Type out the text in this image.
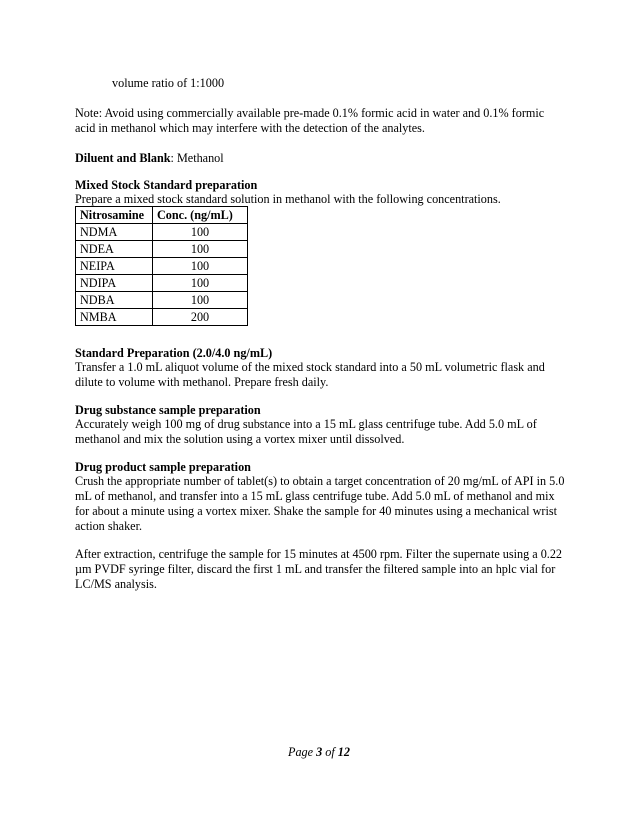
volume ratio of 1:1000

Note: Avoid using commercially available pre-made 0.1% formic acid in water and 0.1% formic acid in methanol which may interfere with the detection of the analytes.

Diluent and Blank: Methanol

Mixed Stock Standard preparation

Prepare a mixed stock standard solution in methanol with the following concentrations.

Nitrosamine	Conc. (ng/mL)
NDMA	100
NDEA	100
NEIPA	100
NDIPA	100
NDBA	100
NMBA	200

Standard Preparation (2.0/4.0 ng/mL)

Transfer a 1.0 mL aliquot volume of the mixed stock standard into a 50 mL volumetric flask and dilute to volume with methanol. Prepare fresh daily.

Drug substance sample preparation

Accurately weigh 100 mg of drug substance into a 15 mL glass centrifuge tube. Add 5.0 mL of methanol and mix the solution using a vortex mixer until dissolved.

Drug product sample preparation

Crush the appropriate number of tablet(s) to obtain a target concentration of 20 mg/mL of API in 5.0 mL of methanol, and transfer into a 15 mL glass centrifuge tube. Add 5.0 mL of methanol and mix for about a minute using a vortex mixer. Shake the sample for 40 minutes using a mechanical wrist action shaker.

After extraction, centrifuge the sample for 15 minutes at 4500 rpm. Filter the supernate using a 0.22 µm PVDF syringe filter, discard the first 1 mL and transfer the filtered sample into an hplc vial for LC/MS analysis.

Page 3 of 12
